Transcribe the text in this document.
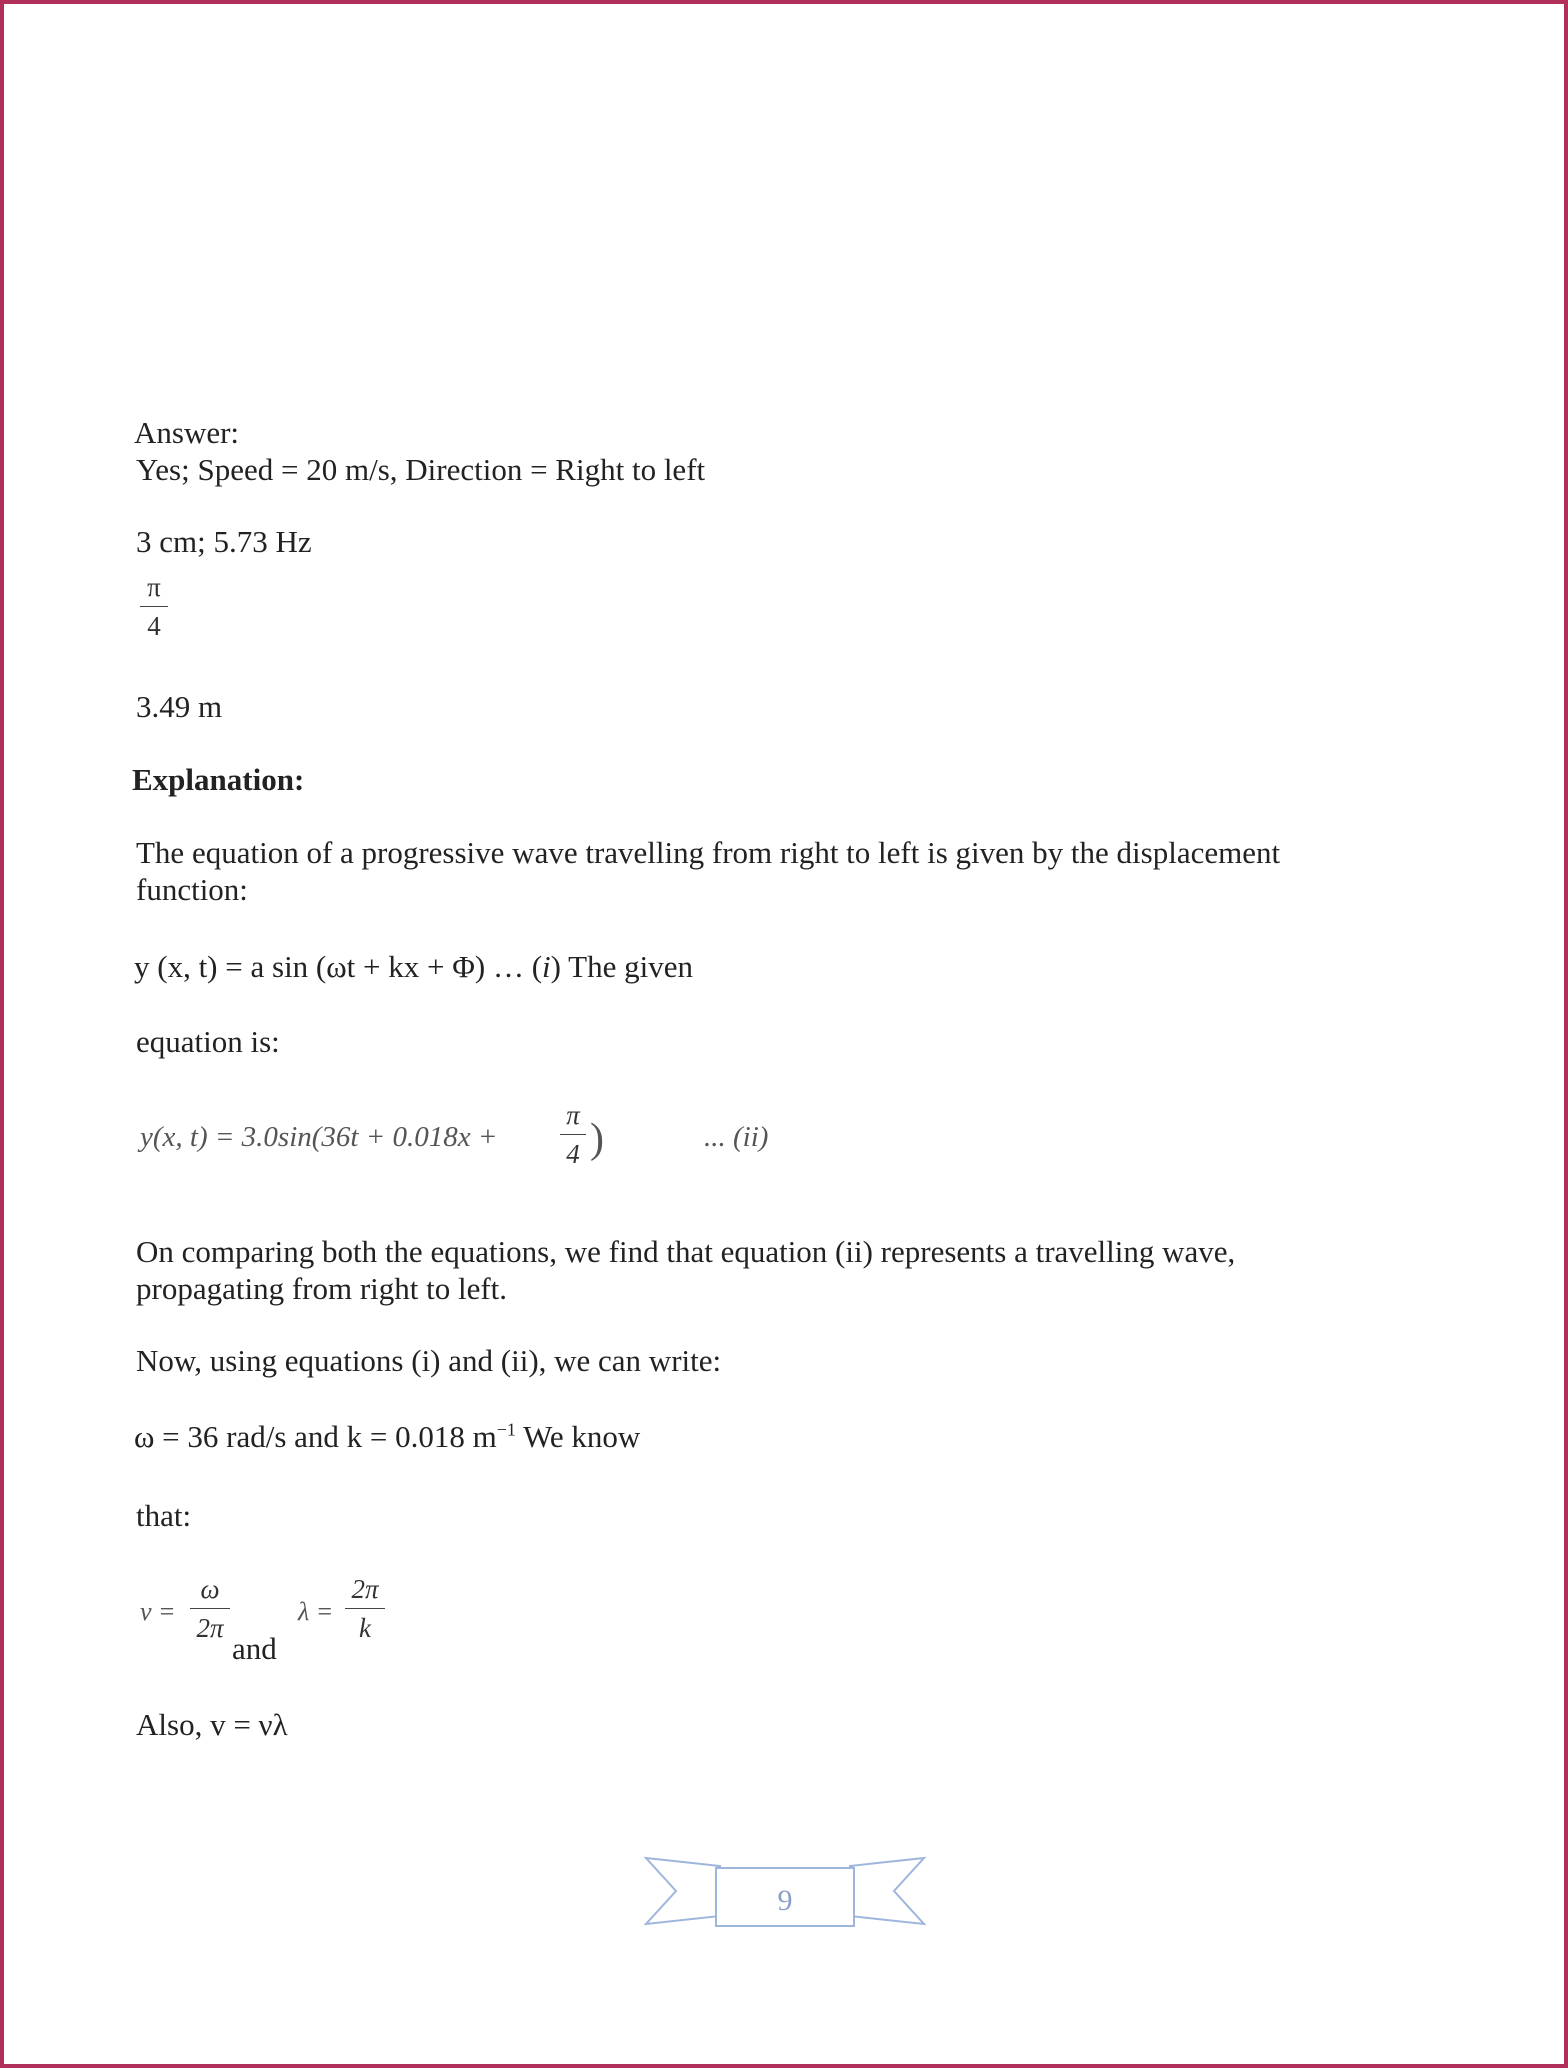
Answer:
Yes; Speed = 20 m/s, Direction = Right to left
3 cm; 5.73 Hz
π
4
3.49 m
Explanation:
The equation of a progressive wave travelling from right to left is given by the displacement
function:
y (x, t) = a sin (ωt + kx + Φ) … (i) The given
equation is:
y(x, t) = 3.0sin(36t + 0.018x +
π
4 )	... (ii)
On comparing both the equations, we find that equation (ii) represents a travelling wave,
propagating from right to left.
Now, using equations (i) and (ii), we can write:
ω = 36 rad/s and k = 0.018 $m^{-1}$ We know
that:
ν =
ω
2π
and
λ =
2π
k
Also, v = νλ
9
